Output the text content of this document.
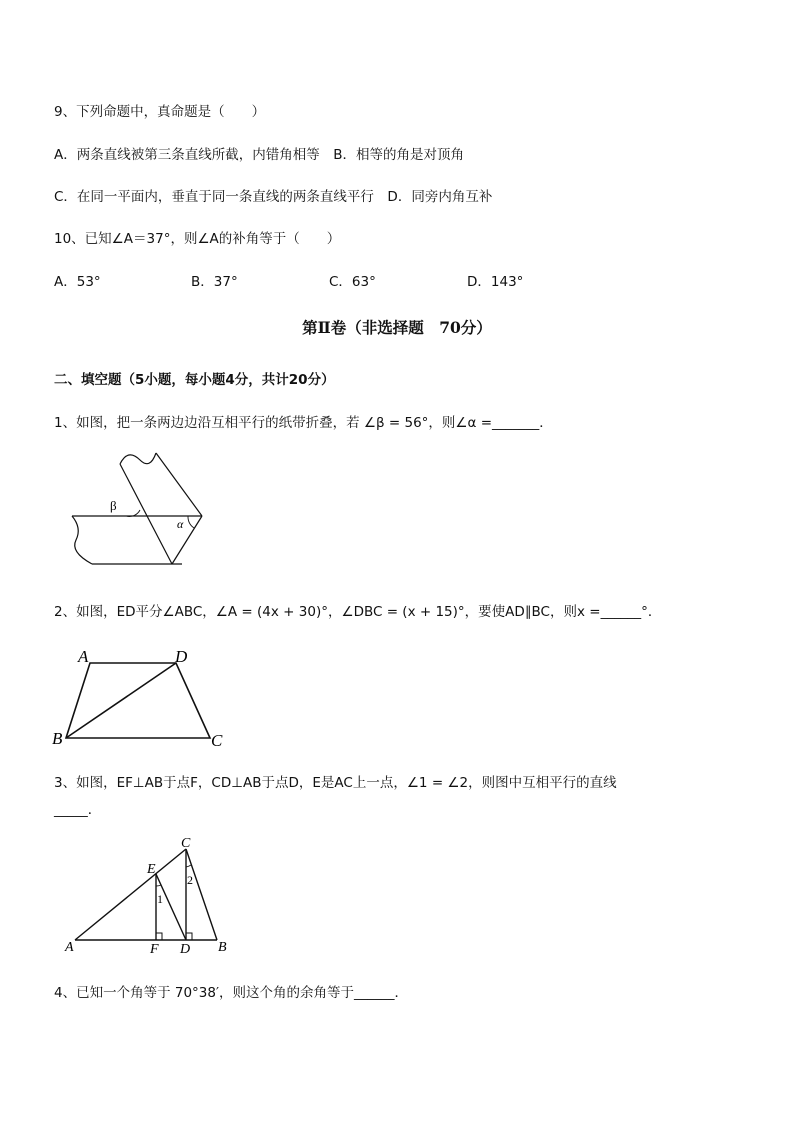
9、下列命题中，真命题是（　　）
A．两条直线被第三条直线所截，内错角相等　B．相等的角是对顶角
C．在同一平面内，垂直于同一条直线的两条直线平行　D．同旁内角互补
10、已知∠A＝37°，则∠A的补角等于（　　）
A．53°	B．37°	C．63°	D．143°
第Ⅱ卷（非选择题　70分）
二、填空题（5小题，每小题4分，共计20分）
1、如图，把一条两边边沿互相平行的纸带折叠，若 ∠β = 56°，则∠α =_______．
β
α
2、如图，ED平分∠ABC，∠A = (4x + 30)°，∠DBC = (x + 15)°，要使AD∥BC，则x =______°．
A	D
B	C
3、如图，EF⊥AB于点F，CD⊥AB于点D，E是AC上一点，∠1 = ∠2，则图中互相平行的直线
_____．
A	B
C
D
E
F
1
2
4、已知一个角等于 70°38′，则这个角的余角等于______．
